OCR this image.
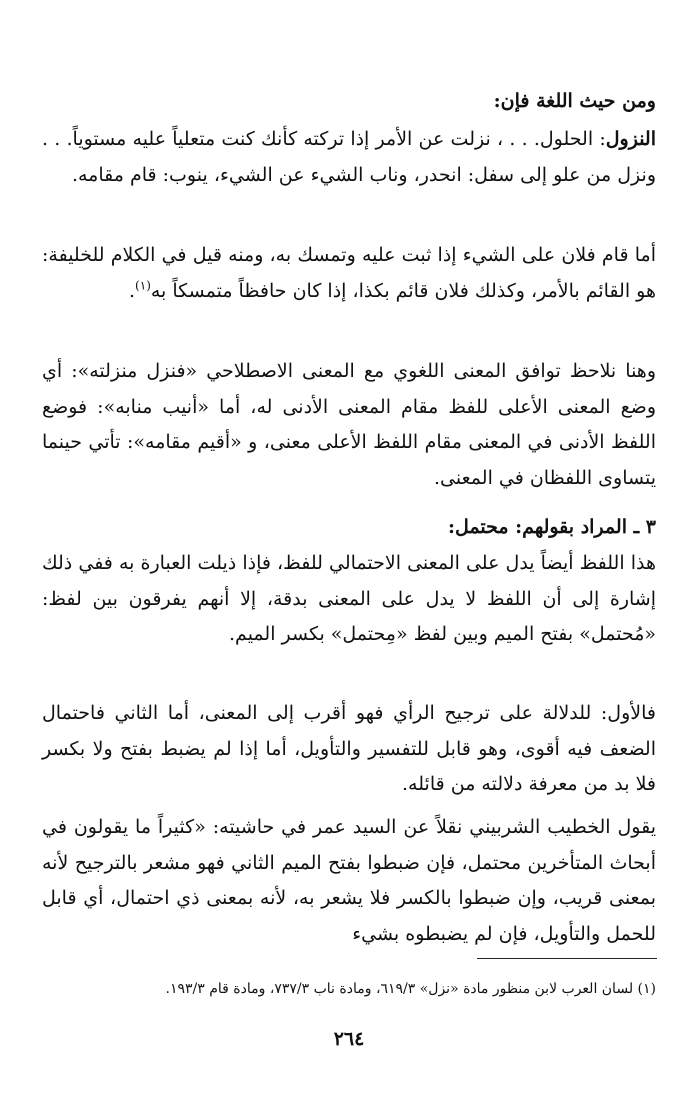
ومن حيث اللغة فإن:

النزول: الحلول. . . ، نزلت عن الأمر إذا تركته كأنك كنت متعلياً عليه مستوياً. . . ونزل من علو إلى سفل: انحدر، وناب الشيء عن الشيء، ينوب: قام مقامه.

أما قام فلان على الشيء إذا ثبت عليه وتمسك به، ومنه قيل في الكلام للخليفة: هو القائم بالأمر، وكذلك فلان قائم بكذا، إذا كان حافظاً متمسكاً به$^{(١)}$.

وهنا نلاحظ توافق المعنى اللغوي مع المعنى الاصطلاحي «فنزل منزلته»: أي وضع المعنى الأعلى للفظ مقام المعنى الأدنى له، أما «أنيب منابه»: فوضع اللفظ الأدنى في المعنى مقام اللفظ الأعلى معنى، و «أقيم مقامه»: تأتي حينما يتساوى اللفظان في المعنى.

٣ ـ المراد بقولهم: محتمل:

هذا اللفظ أيضاً يدل على المعنى الاحتمالي للفظ، فإذا ذيلت العبارة به ففي ذلك إشارة إلى أن اللفظ لا يدل على المعنى بدقة، إلا أنهم يفرقون بين لفظ: «مُحتمل» بفتح الميم وبين لفظ «مِحتمل» بكسر الميم.

فالأول: للدلالة على ترجيح الرأي فهو أقرب إلى المعنى، أما الثاني فاحتمال الضعف فيه أقوى، وهو قابل للتفسير والتأويل، أما إذا لم يضبط بفتح ولا بكسر فلا بد من معرفة دلالته من قائله.

يقول الخطيب الشربيني نقلاً عن السيد عمر في حاشيته: «كثيراً ما يقولون في أبحاث المتأخرين محتمل، فإن ضبطوا بفتح الميم الثاني فهو مشعر بالترجيح لأنه بمعنى قريب، وإن ضبطوا بالكسر فلا يشعر به، لأنه بمعنى ذي احتمال، أي قابل للحمل والتأويل، فإن لم يضبطوه بشيء

(١) لسان العرب لابن منظور مادة «نزل» ٦١٩/٣، ومادة ناب ٧٣٧/٣، ومادة قام ١٩٣/٣.
٢٦٤
